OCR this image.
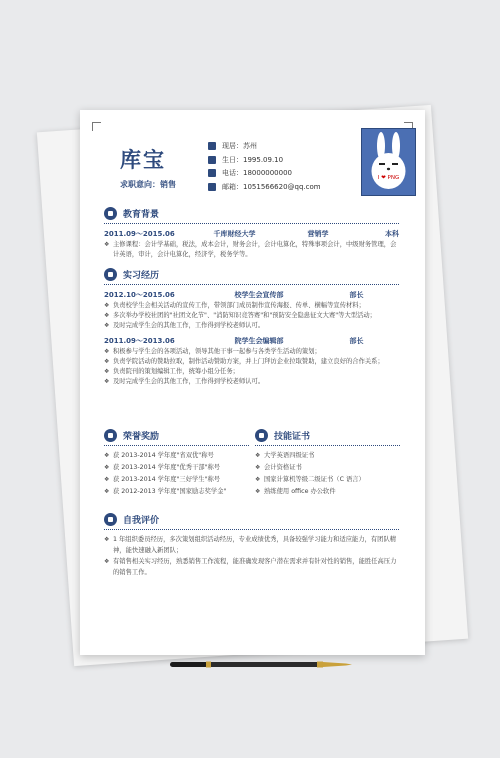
库宝
求职意向：销售
现居：苏州
生日：1995.09.10
电话：18000000000
邮箱：1051566620@qq.com
I ❤ PNG
教育背景
2011.09～2015.06	千库财经大学	营销学	本科
❖ 主修课程：会计学基础，税法，成本会计，财务会计，会计电算化，特殊事项会计，中级财务管理，会计英语，审计，会计电算化，经济学，税务学等。
实习经历
2012.10～2015.06	校学生会宣传部	部长
❖ 负责校学生会相关活动的宣传工作，带领部门成员制作宣传海报、传单、横幅等宣传材料；
❖ 多次举办学校社团的"社团文化节"、"消防知识竞答赛"和"预防安全隐患征文大赛"等大型活动；
❖ 及时完成学生会的其他工作，工作得到学校老师认可。
2011.09～2013.06	院学生会编辑部	部长
❖ 积极参与学生会的各项活动，领导其他干事一起参与各类学生活动的策划；
❖ 负责学院活动的赞助拉取，制作活动赞助方案，并上门拜访企业拉取赞助，建立良好的合作关系；
❖ 负责院刊的策划编辑工作，统筹小组分任务；
❖ 及时完成学生会的其他工作，工作得到学校老师认可。
荣誉奖励
❖ 获 2013-2014 学年度"省双优"称号
❖ 获 2013-2014 学年度"优秀干部"称号
❖ 获 2013-2014 学年度"三好学生"称号
❖ 获 2012-2013 学年度"国家励志奖学金"
技能证书
❖ 大学英语四级证书
❖ 会计资格证书
❖ 国家计算机等级二级证书（C 语言）
❖ 熟练使用 office 办公软件
自我评价
❖ 1 年组织委员经历，多次策划组织活动经历，专业成绩优秀，具备较强学习能力和适应能力，有团队精神，能快速融入新团队；
❖ 有销售相关实习经历，熟悉销售工作流程，能准确发现客户潜在需求并有针对性的销售，能胜任高压力的销售工作。
